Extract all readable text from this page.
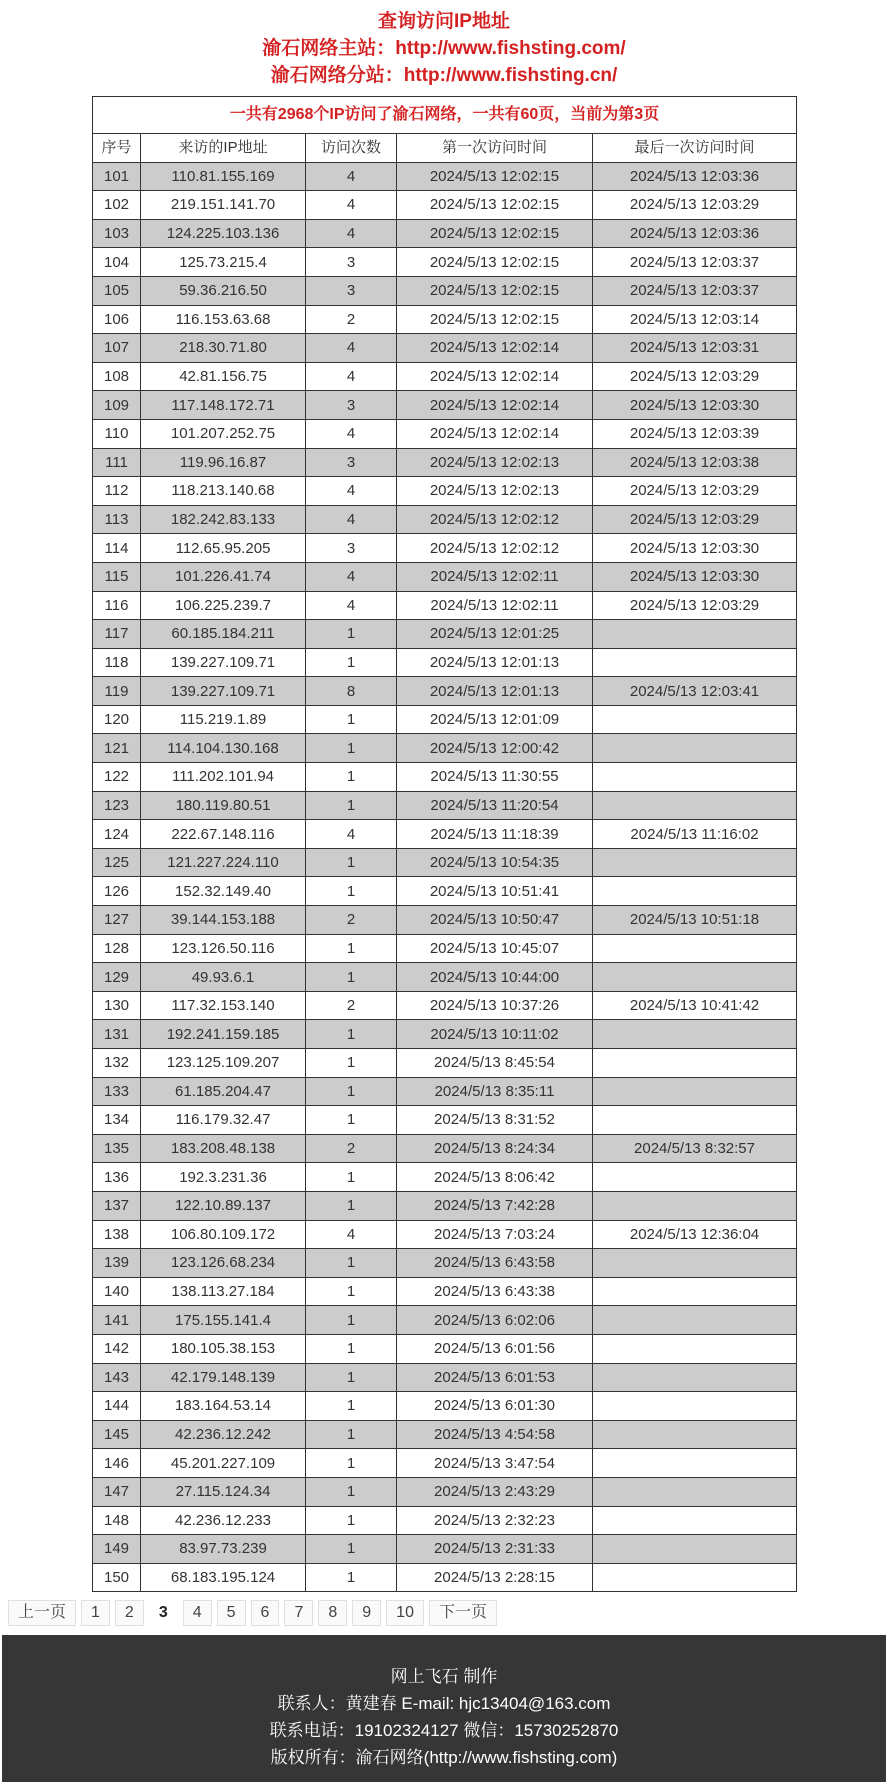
查询访问IP地址
渝石网络主站：http://www.fishsting.com/
渝石网络分站：http://www.fishsting.cn/
一共有2968个IP访问了渝石网络，一共有60页，当前为第3页				
序号	来访的IP地址	访问次数	第一次访问时间	最后一次访问时间
101	110.81.155.169	4	2024/5/13 12:02:15	2024/5/13 12:03:36
102	219.151.141.70	4	2024/5/13 12:02:15	2024/5/13 12:03:29
103	124.225.103.136	4	2024/5/13 12:02:15	2024/5/13 12:03:36
104	125.73.215.4	3	2024/5/13 12:02:15	2024/5/13 12:03:37
105	59.36.216.50	3	2024/5/13 12:02:15	2024/5/13 12:03:37
106	116.153.63.68	2	2024/5/13 12:02:15	2024/5/13 12:03:14
107	218.30.71.80	4	2024/5/13 12:02:14	2024/5/13 12:03:31
108	42.81.156.75	4	2024/5/13 12:02:14	2024/5/13 12:03:29
109	117.148.172.71	3	2024/5/13 12:02:14	2024/5/13 12:03:30
110	101.207.252.75	4	2024/5/13 12:02:14	2024/5/13 12:03:39
111	119.96.16.87	3	2024/5/13 12:02:13	2024/5/13 12:03:38
112	118.213.140.68	4	2024/5/13 12:02:13	2024/5/13 12:03:29
113	182.242.83.133	4	2024/5/13 12:02:12	2024/5/13 12:03:29
114	112.65.95.205	3	2024/5/13 12:02:12	2024/5/13 12:03:30
115	101.226.41.74	4	2024/5/13 12:02:11	2024/5/13 12:03:30
116	106.225.239.7	4	2024/5/13 12:02:11	2024/5/13 12:03:29
117	60.185.184.211	1	2024/5/13 12:01:25	
118	139.227.109.71	1	2024/5/13 12:01:13	
119	139.227.109.71	8	2024/5/13 12:01:13	2024/5/13 12:03:41
120	115.219.1.89	1	2024/5/13 12:01:09	
121	114.104.130.168	1	2024/5/13 12:00:42	
122	111.202.101.94	1	2024/5/13 11:30:55	
123	180.119.80.51	1	2024/5/13 11:20:54	
124	222.67.148.116	4	2024/5/13 11:18:39	2024/5/13 11:16:02
125	121.227.224.110	1	2024/5/13 10:54:35	
126	152.32.149.40	1	2024/5/13 10:51:41	
127	39.144.153.188	2	2024/5/13 10:50:47	2024/5/13 10:51:18
128	123.126.50.116	1	2024/5/13 10:45:07	
129	49.93.6.1	1	2024/5/13 10:44:00	
130	117.32.153.140	2	2024/5/13 10:37:26	2024/5/13 10:41:42
131	192.241.159.185	1	2024/5/13 10:11:02	
132	123.125.109.207	1	2024/5/13 8:45:54	
133	61.185.204.47	1	2024/5/13 8:35:11	
134	116.179.32.47	1	2024/5/13 8:31:52	
135	183.208.48.138	2	2024/5/13 8:24:34	2024/5/13 8:32:57
136	192.3.231.36	1	2024/5/13 8:06:42	
137	122.10.89.137	1	2024/5/13 7:42:28	
138	106.80.109.172	4	2024/5/13 7:03:24	2024/5/13 12:36:04
139	123.126.68.234	1	2024/5/13 6:43:58	
140	138.113.27.184	1	2024/5/13 6:43:38	
141	175.155.141.4	1	2024/5/13 6:02:06	
142	180.105.38.153	1	2024/5/13 6:01:56	
143	42.179.148.139	1	2024/5/13 6:01:53	
144	183.164.53.14	1	2024/5/13 6:01:30	
145	42.236.12.242	1	2024/5/13 4:54:58	
146	45.201.227.109	1	2024/5/13 3:47:54	
147	27.115.124.34	1	2024/5/13 2:43:29	
148	42.236.12.233	1	2024/5/13 2:32:23	
149	83.97.73.239	1	2024/5/13 2:31:33	
150	68.183.195.124	1	2024/5/13 2:28:15	
上一页	1	2	3	4	5	6	7	8	9	10	下一页
网上飞石 制作
联系人：黄建春 E-mail: hjc13404@163.com
联系电话：19102324127 微信：15730252870
版权所有：渝石网络(http://www.fishsting.com)
